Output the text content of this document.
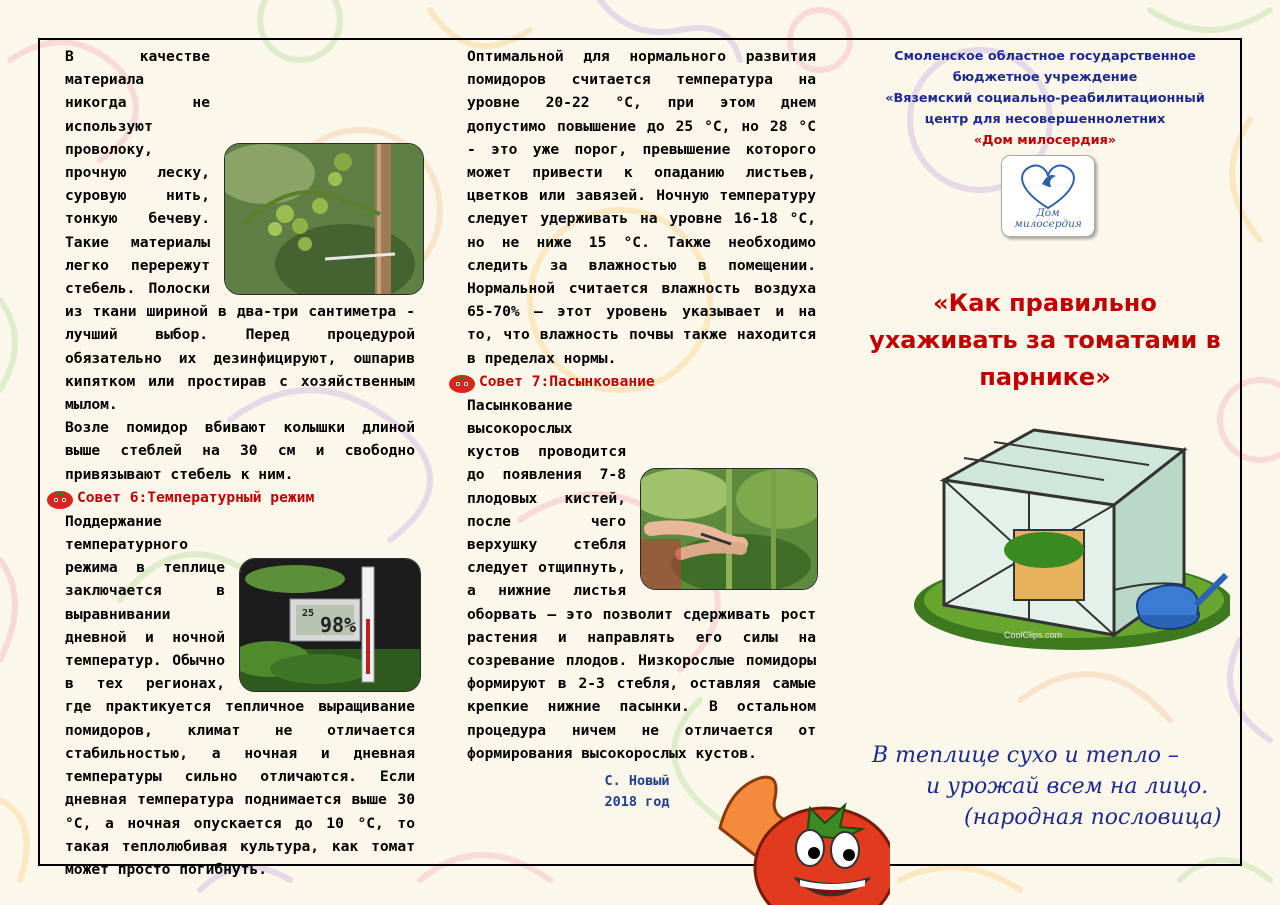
В качестве материала никогда не используют проволоку, прочную леску, суровую нить, тонкую бечеву. Такие материалы легко перережут стебель. Полоски из ткани шириной в два-три сантиметра - лучший выбор. Перед процедурой обязательно их дезинфицируют, ошпарив кипятком или простирав с хозяйственным мылом.

Возле помидор вбивают колышки длиной выше стеблей на 30 см и свободно привязывают стебель к ним.

Совет 6:Температурный режим
25 98%

Поддержание температурного режима в теплице заключается в выравнивании дневной и ночной температур. Обычно в тех регионах, где практикуется тепличное выращивание помидоров, климат не отличается стабильностью, а ночная и дневная температуры сильно отличаются. Если дневная температура поднимается выше 30 °C, а ночная опускается до 10 °C, то такая теплолюбивая культура, как томат может просто погибнуть.

Оптимальной для нормального развития помидоров считается температура на уровне 20-22 °C, при этом днем допустимо повышение до 25 °C, но 28 °C - это уже порог, превышение которого может привести к опаданию листьев, цветков или завязей. Ночную температуру следует удерживать на уровне 16-18 °C, но не ниже 15 °C. Также необходимо следить за влажностью в помещении. Нормальной считается влажность воздуха 65-70% — этот уровень указывает и на то, что влажность почвы также находится в пределах нормы.

Совет 7:Пасынкование

Пасынкование высокорослых кустов проводится до появления 7-8 плодовых кистей, после чего верхушку стебля следует отщипнуть, а нижние листья оборвать – это позволит сдерживать рост растения и направлять его силы на созревание плодов. Низкорослые помидоры формируют в 2-3 стебля, оставляя самые крепкие нижние пасынки. В остальном процедура ничем не отличается от формирования высокорослых кустов.

С. Новый
2018 год
Смоленское областное государственное
бюджетное учреждение
«Вяземский социально-реабилитационный
центр для несовершеннолетних
«Дом милосердия»
Дом
милосердия
«Как правильно ухаживать за томатами в парнике»
CoolClips.com
В теплице сухо и тепло –
и урожай всем на лицо.
(народная пословица)
